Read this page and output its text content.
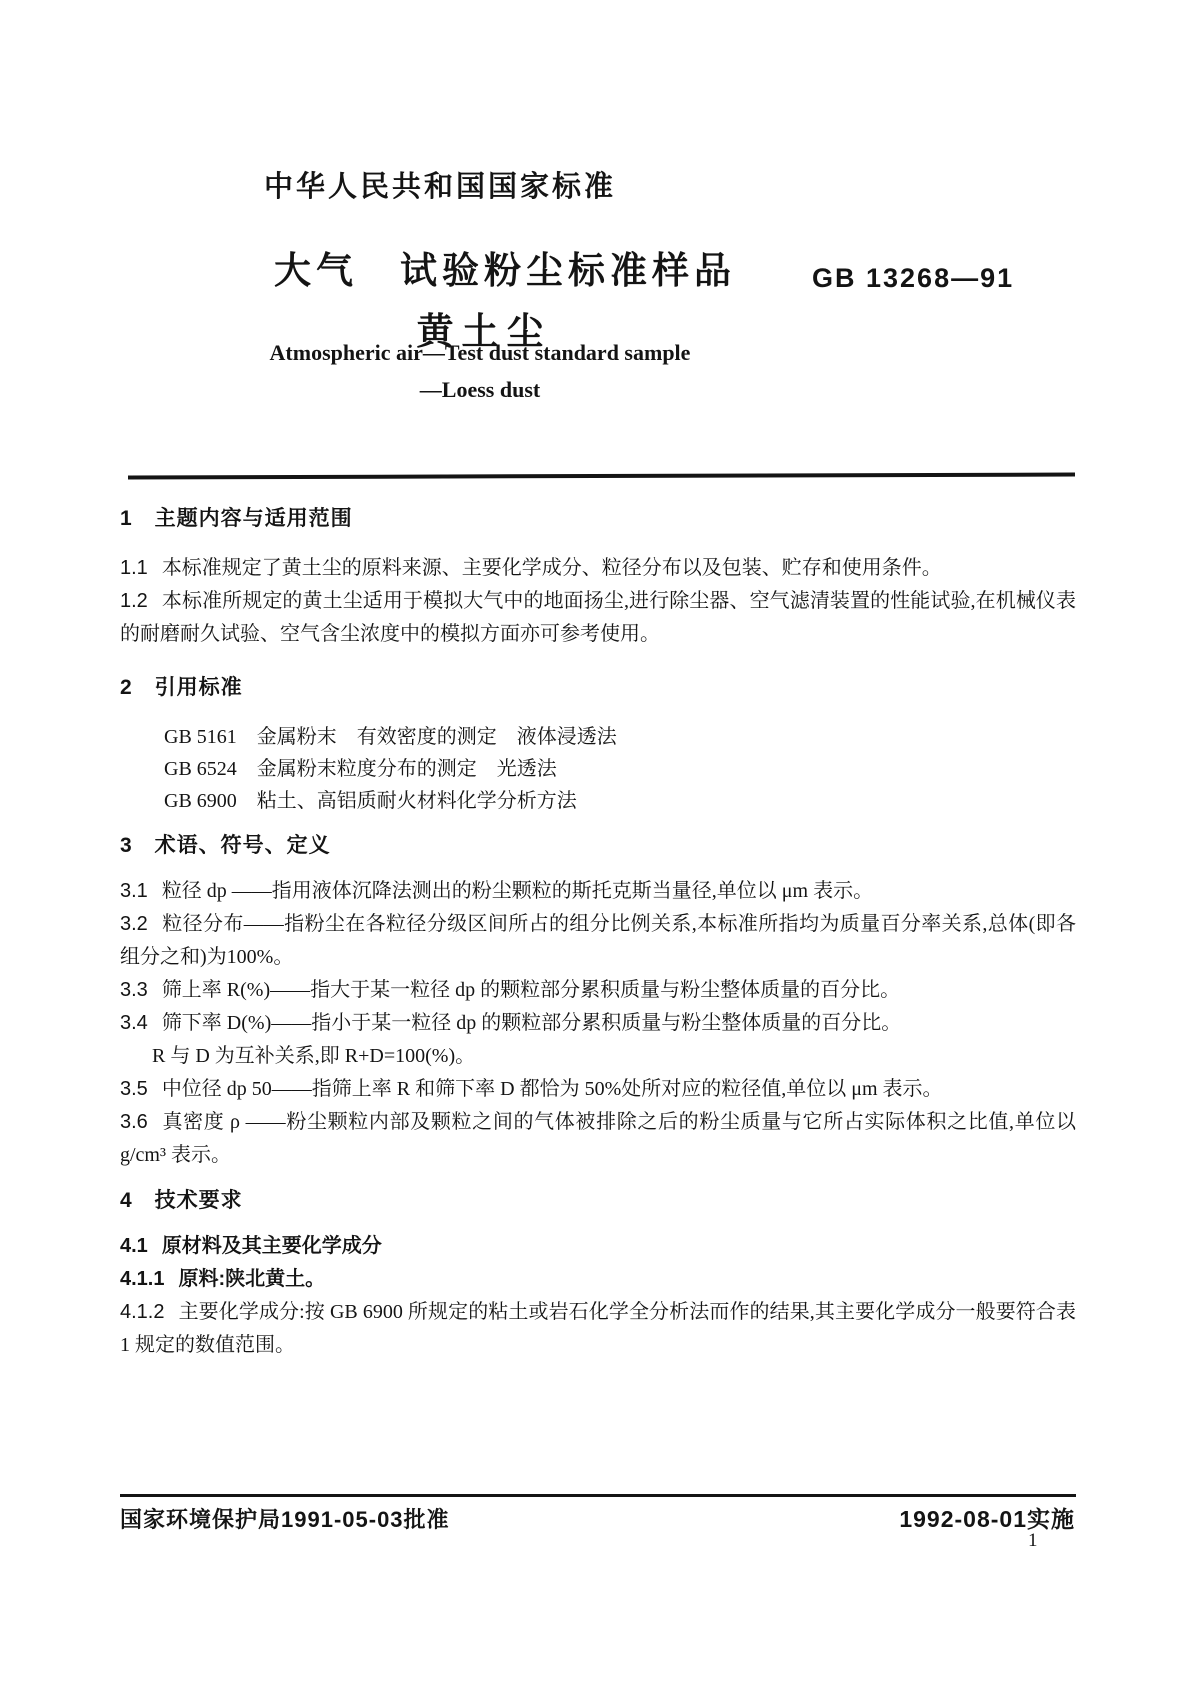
中华人民共和国国家标准
大气　试验粉尘标准样品
黄土尘
GB 13268—91
Atmospheric air—Test dust standard sample
—Loess dust
1　主题内容与适用范围

1.1 本标准规定了黄土尘的原料来源、主要化学成分、粒径分布以及包装、贮存和使用条件。

1.2 本标准所规定的黄土尘适用于模拟大气中的地面扬尘,进行除尘器、空气滤清装置的性能试验,在机械仪表的耐磨耐久试验、空气含尘浓度中的模拟方面亦可参考使用。

2　引用标准

GB 5161　金属粉末　有效密度的测定　液体浸透法

GB 6524　金属粉末粒度分布的测定　光透法

GB 6900　粘土、高铝质耐火材料化学分析方法

3　术语、符号、定义

3.1 粒径 dp ——指用液体沉降法测出的粉尘颗粒的斯托克斯当量径,单位以 μm 表示。

3.2 粒径分布——指粉尘在各粒径分级区间所占的组分比例关系,本标准所指均为质量百分率关系,总体(即各组分之和)为100%。

3.3 筛上率 R(%)——指大于某一粒径 dp 的颗粒部分累积质量与粉尘整体质量的百分比。

3.4 筛下率 D(%)——指小于某一粒径 dp 的颗粒部分累积质量与粉尘整体质量的百分比。

R 与 D 为互补关系,即 R+D=100(%)。

3.5 中位径 dp 50——指筛上率 R 和筛下率 D 都恰为 50%处所对应的粒径值,单位以 μm 表示。

3.6 真密度 ρ ——粉尘颗粒内部及颗粒之间的气体被排除之后的粉尘质量与它所占实际体积之比值,单位以 g/cm³ 表示。

4　技术要求

4.1 原材料及其主要化学成分

4.1.1 原料:陕北黄土。

4.1.2 主要化学成分:按 GB 6900 所规定的粘土或岩石化学全分析法而作的结果,其主要化学成分一般要符合表 1 规定的数值范围。

国家环境保护局1991-05-03批准	1992-08-01实施
1
